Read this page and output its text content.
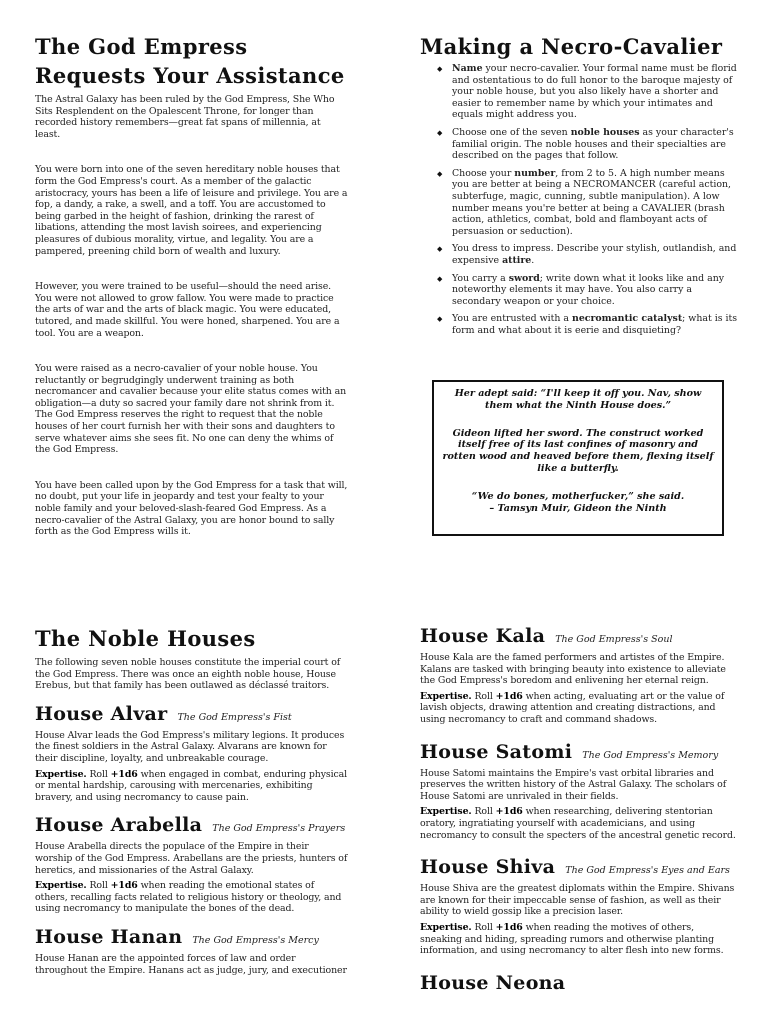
The God Empress
Requests Your Assistance

The Astral Galaxy has been ruled by the God Empress, She Who Sits Resplendent on the Opalescent Throne, for longer than recorded history remembers—great fat spans of millennia, at least.

You were born into one of the seven hereditary noble houses that form the God Empress's court. As a member of the galactic aristocracy, yours has been a life of leisure and privilege. You are a fop, a dandy, a rake, a swell, and a toff. You are accustomed to being garbed in the height of fashion, drinking the rarest of libations, attending the most lavish soirees, and experiencing pleasures of dubious morality, virtue, and legality. You are a pampered, preening child born of wealth and luxury.

However, you were trained to be useful—should the need arise. You were not allowed to grow fallow. You were made to practice the arts of war and the arts of black magic. You were educated, tutored, and made skillful. You were honed, sharpened. You are a tool. You are a weapon.

You were raised as a necro-cavalier of your noble house. You reluctantly or begrudgingly underwent training as both necromancer and cavalier because your elite status comes with an obligation—a duty so sacred your family dare not shrink from it. The God Empress reserves the right to request that the noble houses of her court furnish her with their sons and daughters to serve whatever aims she sees fit. No one can deny the whims of the God Empress.

You have been called upon by the God Empress for a task that will, no doubt, put your life in jeopardy and test your fealty to your noble family and your beloved-slash-feared God Empress. As a necro-cavalier of the Astral Galaxy, you are honor bound to sally forth as the God Empress wills it.

Making a Necro-Cavalier
◆ Name your necro-cavalier. Your formal name must be florid and ostentatious to do full honor to the baroque majesty of your noble house, but you also likely have a shorter and easier to remember name by which your intimates and equals might address you.
◆ Choose one of the seven noble houses as your character's familial origin. The noble houses and their specialties are described on the pages that follow.
◆ Choose your number, from 2 to 5. A high number means you are better at being a NECROMANCER (careful action, subterfuge, magic, cunning, subtle manipulation). A low number means you're better at being a CAVALIER (brash action, athletics, combat, bold and flamboyant acts of persuasion or seduction).
◆ You dress to impress. Describe your stylish, outlandish, and expensive attire.
◆ You carry a sword; write down what it looks like and any noteworthy elements it may have. You also carry a secondary weapon or your choice.
◆ You are entrusted with a necromantic catalyst; what is its form and what about it is eerie and disquieting?

Her adept said: “I'll keep it off you. Nav, show them what the Ninth House does.”

Gideon lifted her sword. The construct worked itself free of its last confines of masonry and rotten wood and heaved before them, flexing itself like a butterfly.

“We do bones, motherfucker,” she said.

– Tamsyn Muir, Gideon the Ninth

The Noble Houses

The following seven noble houses constitute the imperial court of the God Empress. There was once an eighth noble house, House Erebus, but that family has been outlawed as déclassé traitors.

House Alvar The God Empress's Fist

House Alvar leads the God Empress's military legions. It produces the finest soldiers in the Astral Galaxy. Alvarans are known for their discipline, loyalty, and unbreakable courage.

Expertise. Roll +1d6 when engaged in combat, enduring physical or mental hardship, carousing with mercenaries, exhibiting bravery, and using necromancy to cause pain.

House Arabella The God Empress's Prayers

House Arabella directs the populace of the Empire in their worship of the God Empress. Arabellans are the priests, hunters of heretics, and missionaries of the Astral Galaxy.

Expertise. Roll +1d6 when reading the emotional states of others, recalling facts related to religious history or theology, and using necromancy to manipulate the bones of the dead.

House Hanan The God Empress's Mercy

House Hanan are the appointed forces of law and order throughout the Empire. Hanans act as judge, jury, and executioner

House Kala The God Empress's Soul

House Kala are the famed performers and artistes of the Empire. Kalans are tasked with bringing beauty into existence to alleviate the God Empress's boredom and enlivening her eternal reign.

Expertise. Roll +1d6 when acting, evaluating art or the value of lavish objects, drawing attention and creating distractions, and using necromancy to craft and command shadows.

House Satomi The God Empress's Memory

House Satomi maintains the Empire's vast orbital libraries and preserves the written history of the Astral Galaxy. The scholars of House Satomi are unrivaled in their fields.

Expertise. Roll +1d6 when researching, delivering stentorian oratory, ingratiating yourself with academicians, and using necromancy to consult the specters of the ancestral genetic record.

House Shiva The God Empress's Eyes and Ears

House Shiva are the greatest diplomats within the Empire. Shivans are known for their impeccable sense of fashion, as well as their ability to wield gossip like a precision laser.

Expertise. Roll +1d6 when reading the motives of others, sneaking and hiding, spreading rumors and otherwise planting information, and using necromancy to alter flesh into new forms.

House Neona
